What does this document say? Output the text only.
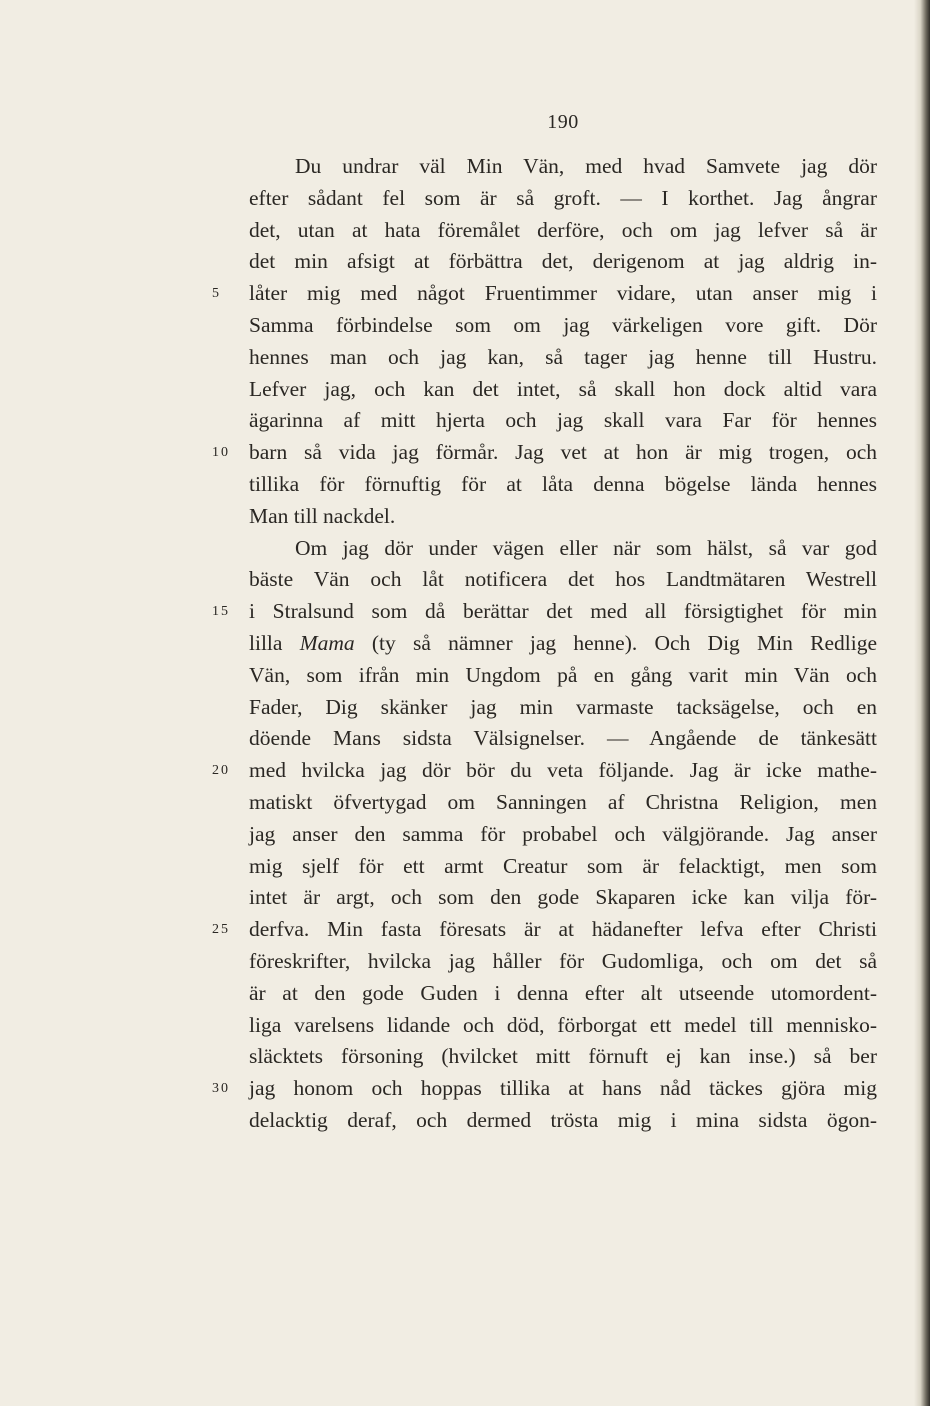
190
Du undrar väl Min Vän, med hvad Samvete jag dör
efter sådant fel som är så groft. — I korthet. Jag ångrar
det, utan at hata föremålet derföre, och om jag lefver så är
det min afsigt at förbättra det, derigenom at jag aldrig in-
5	låter mig med något Fruentimmer vidare, utan anser mig i
Samma förbindelse som om jag värkeligen vore gift. Dör
hennes man och jag kan, så tager jag henne till Hustru.
Lefver jag, och kan det intet, så skall hon dock altid vara
ägarinna af mitt hjerta och jag skall vara Far för hennes
10 barn så vida jag förmår. Jag vet at hon är mig trogen, och
tillika för förnuftig för at låta denna bögelse lända hennes
Man till nackdel.
Om jag dör under vägen eller när som hälst, så var god
bäste Vän och låt notificera det hos Landtmätaren Westrell
15 i Stralsund som då berättar det med all försigtighet för min
lilla Mama (ty så nämner jag henne). Och Dig Min Redlige
Vän, som ifrån min Ungdom på en gång varit min Vän och
Fader, Dig skänker jag min varmaste tacksägelse, och en
döende Mans sidsta Välsignelser. — Angående de tänkesätt
20 med hvilcka jag dör bör du veta följande. Jag är icke mathe-
matiskt öfvertygad om Sanningen af Christna Religion, men
jag anser den samma för probabel och välgjörande. Jag anser
mig sjelf för ett armt Creatur som är felacktigt, men som
intet är argt, och som den gode Skaparen icke kan vilja för-
25 derfva. Min fasta föresats är at hädanefter lefva efter Christi
föreskrifter, hvilcka jag håller för Gudomliga, och om det så
är at den gode Guden i denna efter alt utseende utomordent-
liga varelsens lidande och död, förborgat ett medel till mennisko-
släcktets försoning (hvilcket mitt förnuft ej kan inse.) så ber
30 jag honom och hoppas tillika at hans nåd täckes gjöra mig
delacktig deraf, och dermed trösta mig i mina sidsta ögon-
